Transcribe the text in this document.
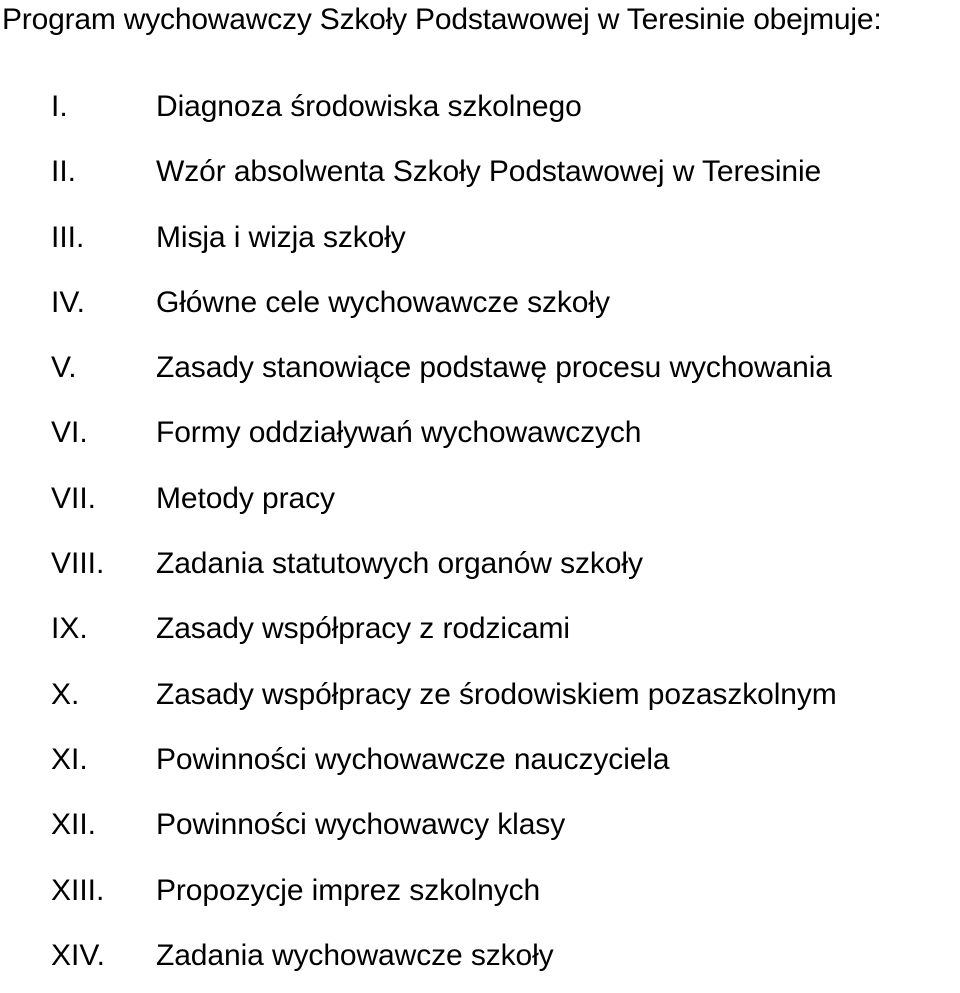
Program wychowawczy Szkoły Podstawowej w Teresinie obejmuje:
I.	Diagnoza środowiska szkolnego
II.	Wzór absolwenta Szkoły Podstawowej w Teresinie
III. Misja i wizja szkoły
IV. Główne cele wychowawcze szkoły
V.	Zasady stanowiące podstawę procesu wychowania
VI. Formy oddziaływań wychowawczych
VII. Metody pracy
VIII. Zadania statutowych organów szkoły
IX. Zasady współpracy z rodzicami
X.	Zasady współpracy ze środowiskiem pozaszkolnym
XI. Powinności wychowawcze nauczyciela
XII. Powinności wychowawcy klasy
XIII. Propozycje imprez szkolnych
XIV. Zadania wychowawcze szkoły
